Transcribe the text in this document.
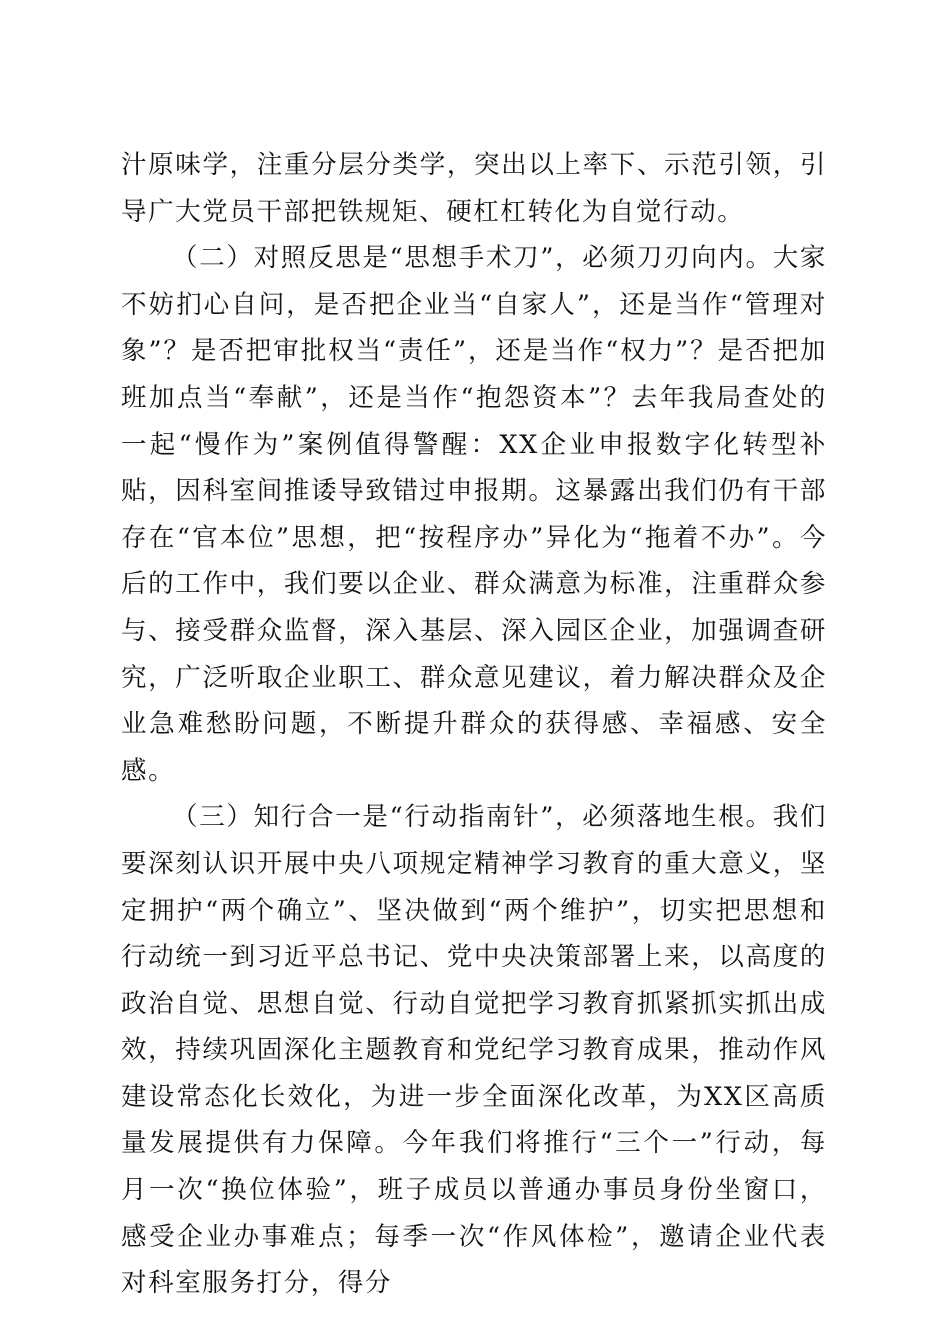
汁原味学，注重分层分类学，突出以上率下、示范引领，引导广大党员干部把铁规矩、硬杠杠转化为自觉行动。

（二）对照反思是“思想手术刀”，必须刀刃向内。大家不妨扪心自问，是否把企业当“自家人”，还是当作“管理对象”？是否把审批权当“责任”，还是当作“权力”？是否把加班加点当“奉献”，还是当作“抱怨资本”？去年我局查处的一起“慢作为”案例值得警醒：XX企业申报数字化转型补贴，因科室间推诿导致错过申报期。这暴露出我们仍有干部存在“官本位”思想，把“按程序办”异化为“拖着不办”。今后的工作中，我们要以企业、群众满意为标准，注重群众参与、接受群众监督，深入基层、深入园区企业，加强调查研究，广泛听取企业职工、群众意见建议，着力解决群众及企业急难愁盼问题，不断提升群众的获得感、幸福感、安全感。

（三）知行合一是“行动指南针”，必须落地生根。我们要深刻认识开展中央八项规定精神学习教育的重大意义，坚定拥护“两个确立”、坚决做到“两个维护”，切实把思想和行动统一到习近平总书记、党中央决策部署上来，以高度的政治自觉、思想自觉、行动自觉把学习教育抓紧抓实抓出成效，持续巩固深化主题教育和党纪学习教育成果，推动作风建设常态化长效化，为进一步全面深化改革，为XX区高质量发展提供有力保障。今年我们将推行“三个一”行动，每月一次“换位体验”，班子成员以普通办事员身份坐窗口，感受企业办事难点；每季一次“作风体检”，邀请企业代表对科室服务打分，得分
